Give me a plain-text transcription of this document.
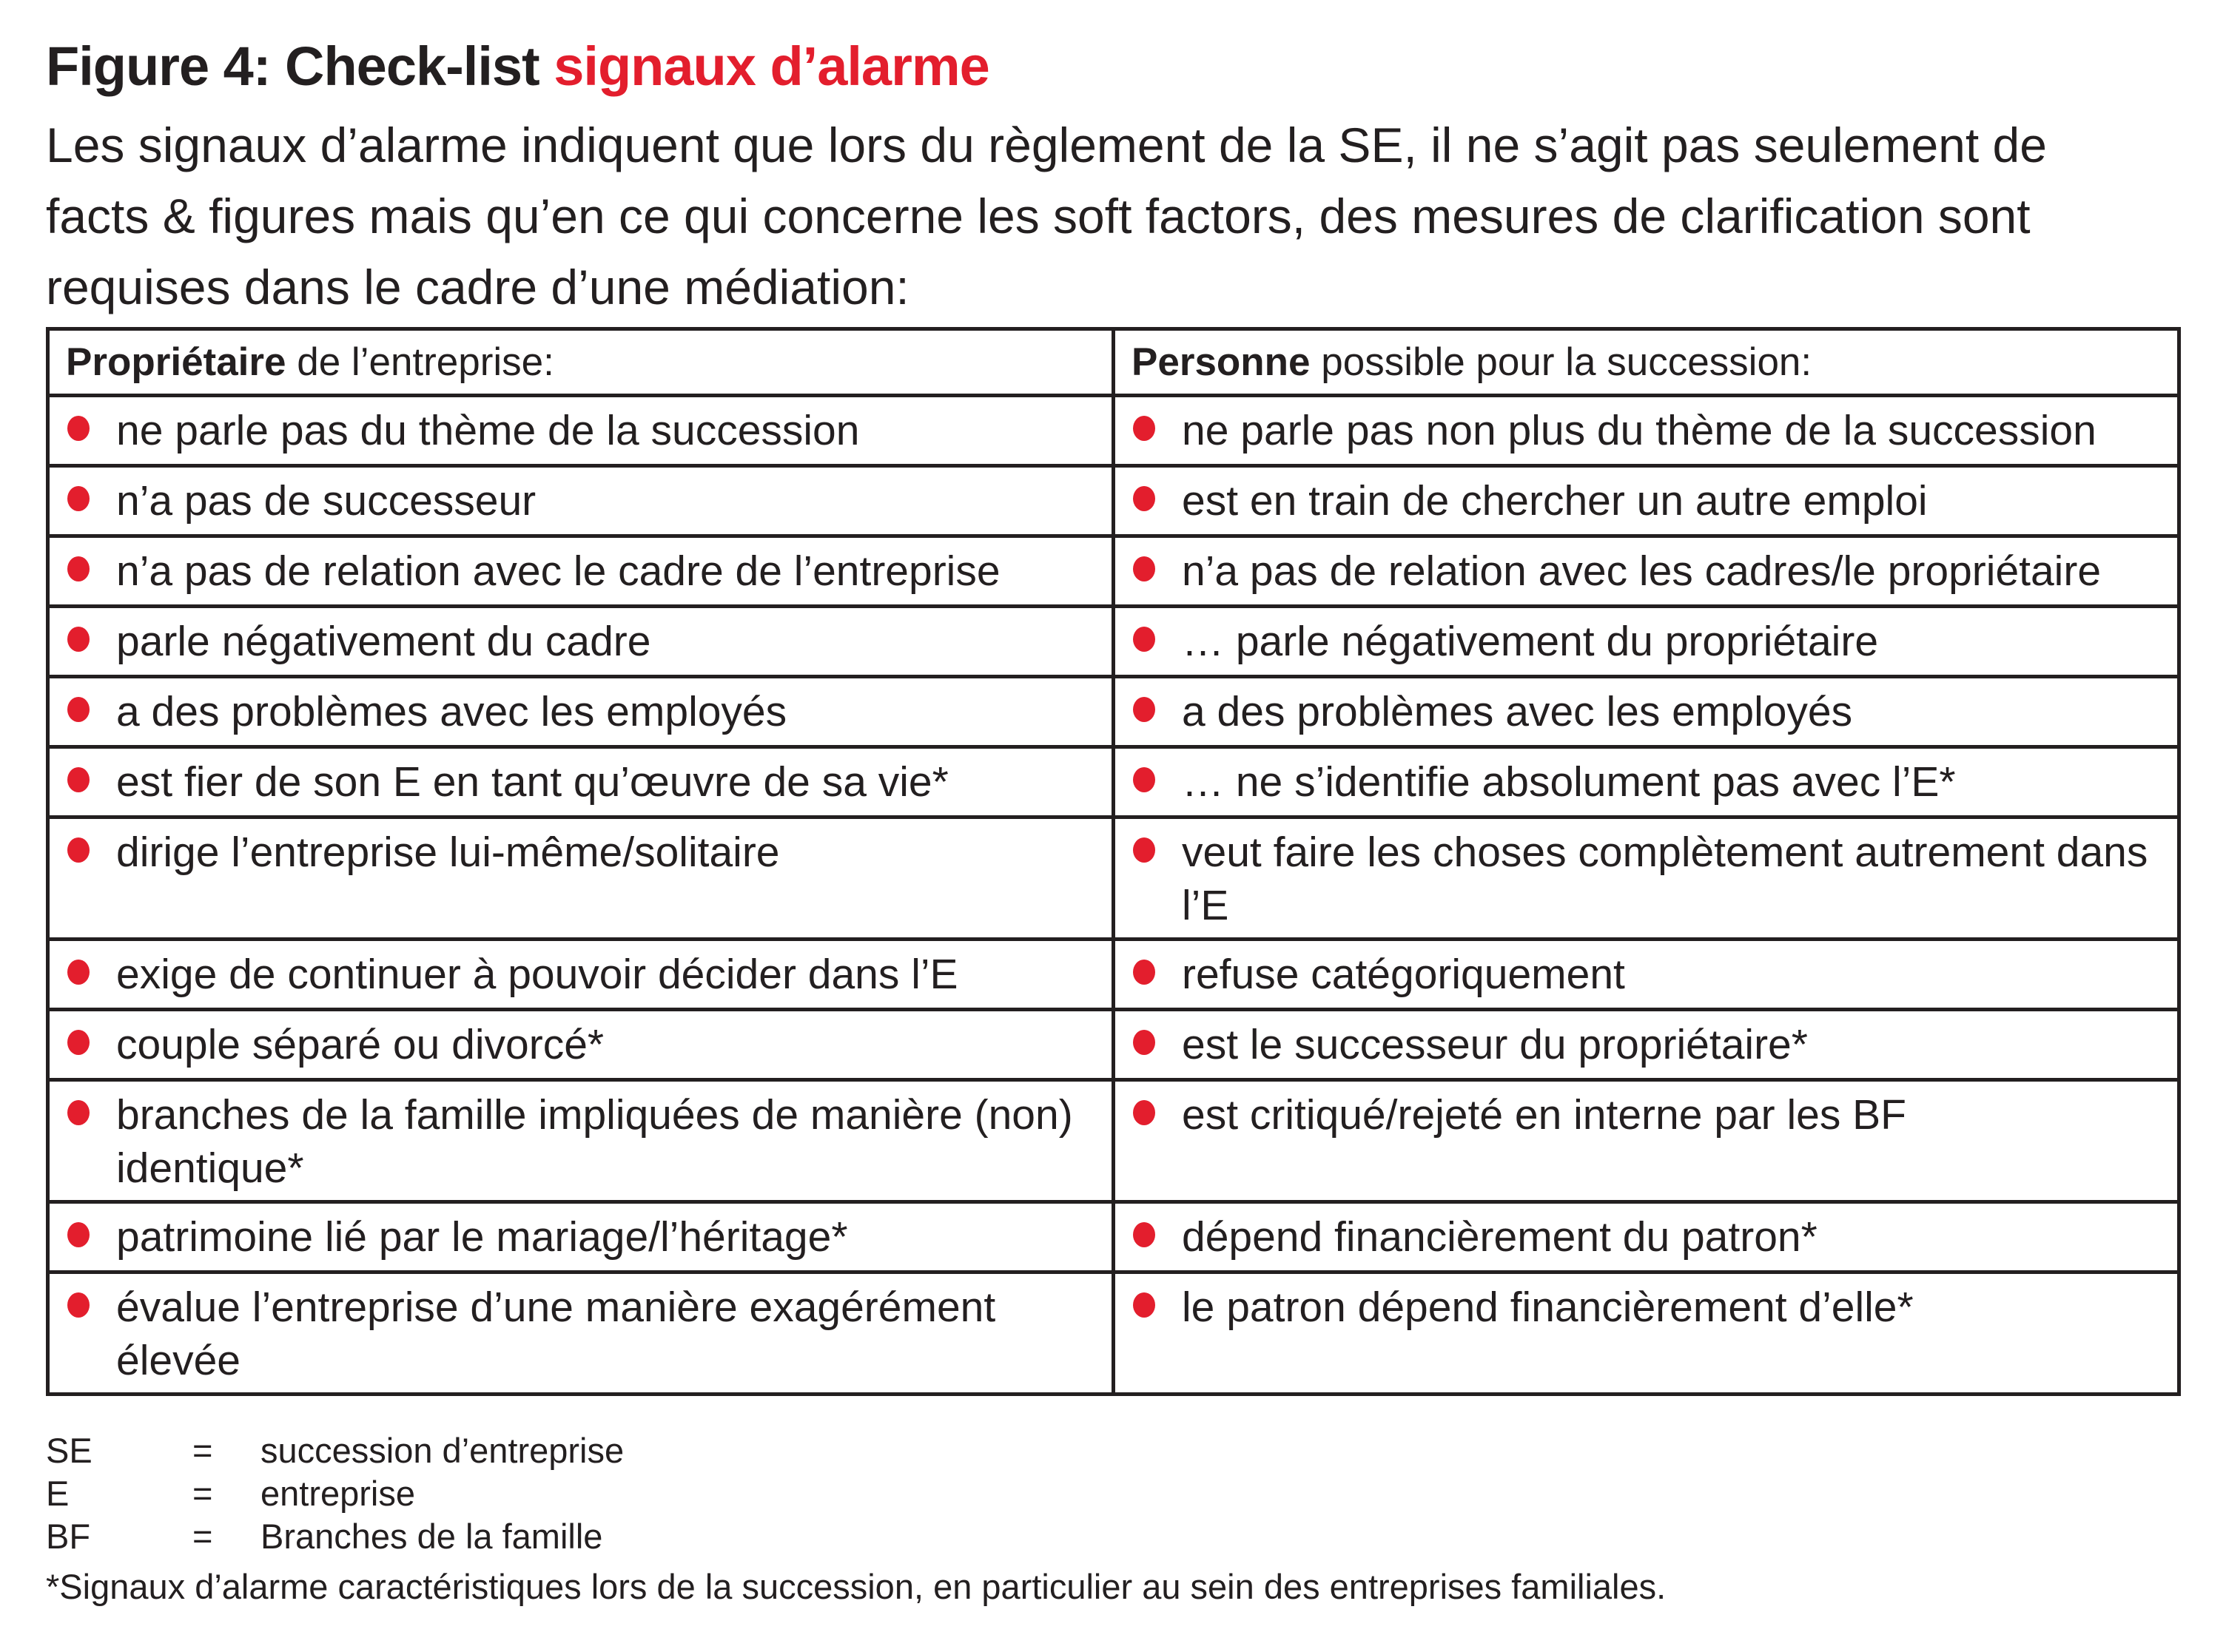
Figure 4: Check-list signaux d’alarme
Les signaux d’alarme indiquent que lors du règlement de la SE, il ne s’agit pas seulement de
facts & figures mais qu’en ce qui concerne les soft factors, des mesures de clarification sont
requises dans le cadre d’une médiation:
Propriétaire de l’entreprise:	Personne possible pour la succession:

ne parle pas du thème de la succession	ne parle pas non plus du thème de la succession

n’a pas de successeur	est en train de chercher un autre emploi

n’a pas de relation avec le cadre de l’entreprise	n’a pas de relation avec les cadres/le propriétaire

parle négativement du cadre	… parle négativement du propriétaire

a des problèmes avec les employés	a des problèmes avec les employés

est fier de son E en tant qu’œuvre de sa vie*	… ne s’identifie absolument pas avec l’E*

dirige l’entreprise lui-même/solitaire	veut faire les choses complètement autrement dans l’E

exige de continuer à pouvoir décider dans l’E	refuse catégoriquement

couple séparé ou divorcé*	est le successeur du propriétaire*

branches de la famille impliquées de manière (non) identique*	est critiqué/rejeté en interne par les BF

patrimoine lié par le mariage/l’héritage*	dépend financièrement du patron*

évalue l’entreprise d’une manière exagérément élevée	le patron dépend financièrement d’elle*
SE	=	succession d’entreprise
E	=	entreprise
BF	=	Branches de la famille
*Signaux d’alarme caractéristiques lors de la succession, en particulier au sein des entreprises familiales.
